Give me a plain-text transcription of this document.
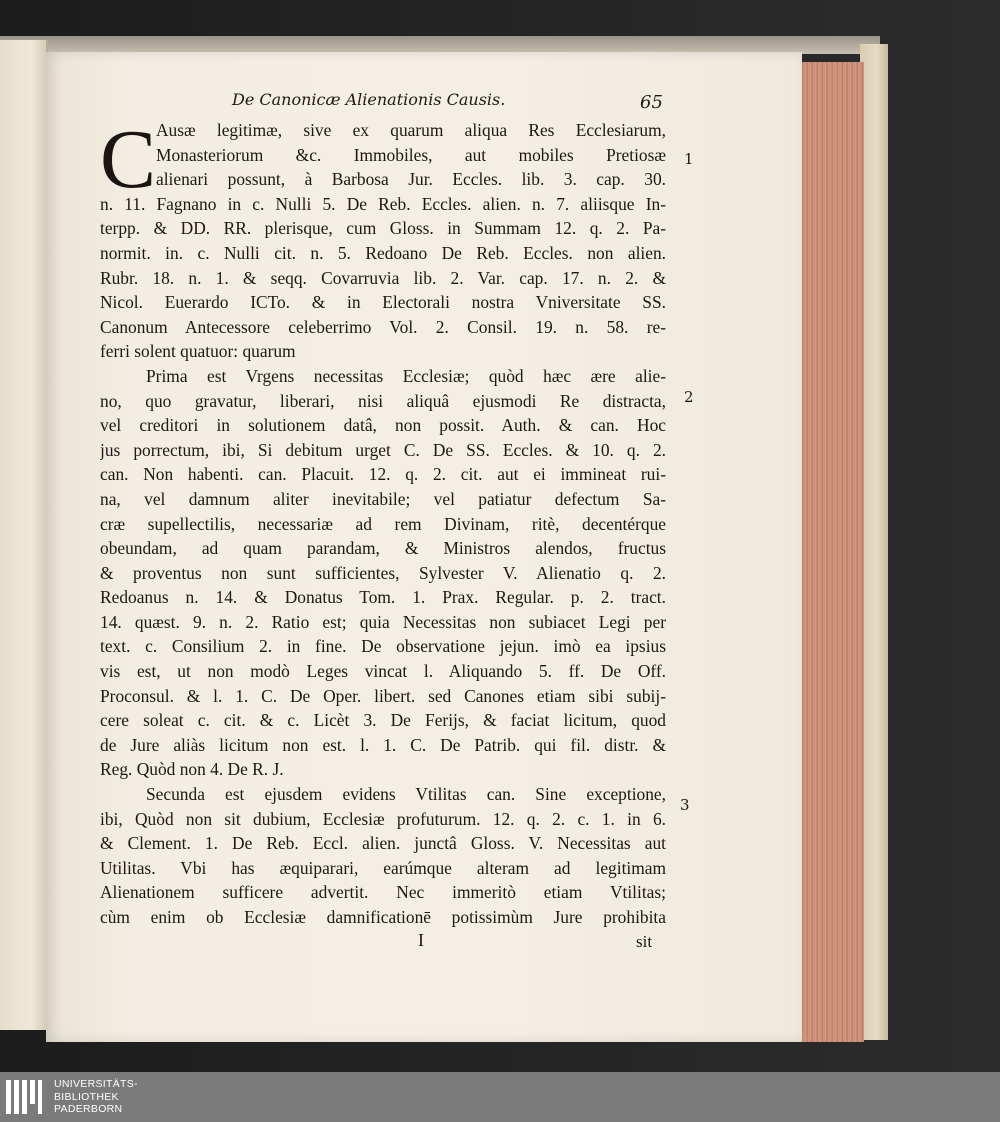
De Canonicæ Alienationis Causis.	65
C Ausæ legitimæ, sive ex quarum aliqua Res Ecclesiarum,
Monasteriorum &c. Immobiles, aut mobiles Pretiosæ
alienari possunt, à Barbosa Jur. Eccles. lib. 3. cap. 30.
n. 11. Fagnano in c. Nulli 5. De Reb. Eccles. alien. n. 7. aliisque In-
terpp. & DD. RR. plerisque, cum Gloss. in Summam 12. q. 2. Pa-
normit. in. c. Nulli cit. n. 5. Redoano De Reb. Eccles. non alien.
Rubr. 18. n. 1. & seqq. Covarruvia lib. 2. Var. cap. 17. n. 2. &
Nicol. Euerardo ICTo. & in Electorali nostra Vniversitate SS.
Canonum Antecessore celeberrimo Vol. 2. Consil. 19. n. 58. re-
ferri solent quatuor: quarum
Prima est Vrgens necessitas Ecclesiæ; quòd hæc ære alie-
no, quo gravatur, liberari, nisi aliquâ ejusmodi Re distracta,
vel creditori in solutionem datâ, non possit. Auth. & can. Hoc
jus porrectum, ibi, Si debitum urget C. De SS. Eccles. & 10. q. 2.
can. Non habenti. can. Placuit. 12. q. 2. cit. aut ei immineat rui-
na, vel damnum aliter inevitabile; vel patiatur defectum Sa-
cræ supellectilis, necessariæ ad rem Divinam, ritè, decentérque
obeundam, ad quam parandam, & Ministros alendos, fructus
& proventus non sunt sufficientes, Sylvester V. Alienatio q. 2.
Redoanus n. 14. & Donatus Tom. 1. Prax. Regular. p. 2. tract.
14. quæst. 9. n. 2. Ratio est; quia Necessitas non subiacet Legi per
text. c. Consilium 2. in fine. De observatione jejun. imò ea ipsius
vis est, ut non modò Leges vincat l. Aliquando 5. ff. De Off.
Proconsul. & l. 1. C. De Oper. libert. sed Canones etiam sibi subij-
cere soleat c. cit. & c. Licèt 3. De Ferijs, & faciat licitum, quod
de Jure aliàs licitum non est. l. 1. C. De Patrib. qui fil. distr. &
Reg. Quòd non 4. De R. J.
Secunda est ejusdem evidens Vtilitas can. Sine exceptione,
ibi, Quòd non sit dubium, Ecclesiæ profuturum. 12. q. 2. c. 1. in 6.
& Clement. 1. De Reb. Eccl. alien. junctâ Gloss. V. Necessitas aut
Utilitas. Vbi has æquiparari, earúmque alteram ad legitimam
Alienationem sufficere advertit. Nec immeritò etiam Vtilitas;
cùm enim ob Ecclesiæ damnificationē potissimùm Jure prohibita
1
2
3
I	sit
UNIVERSITÄTS-
BIBLIOTHEK
PADERBORN
